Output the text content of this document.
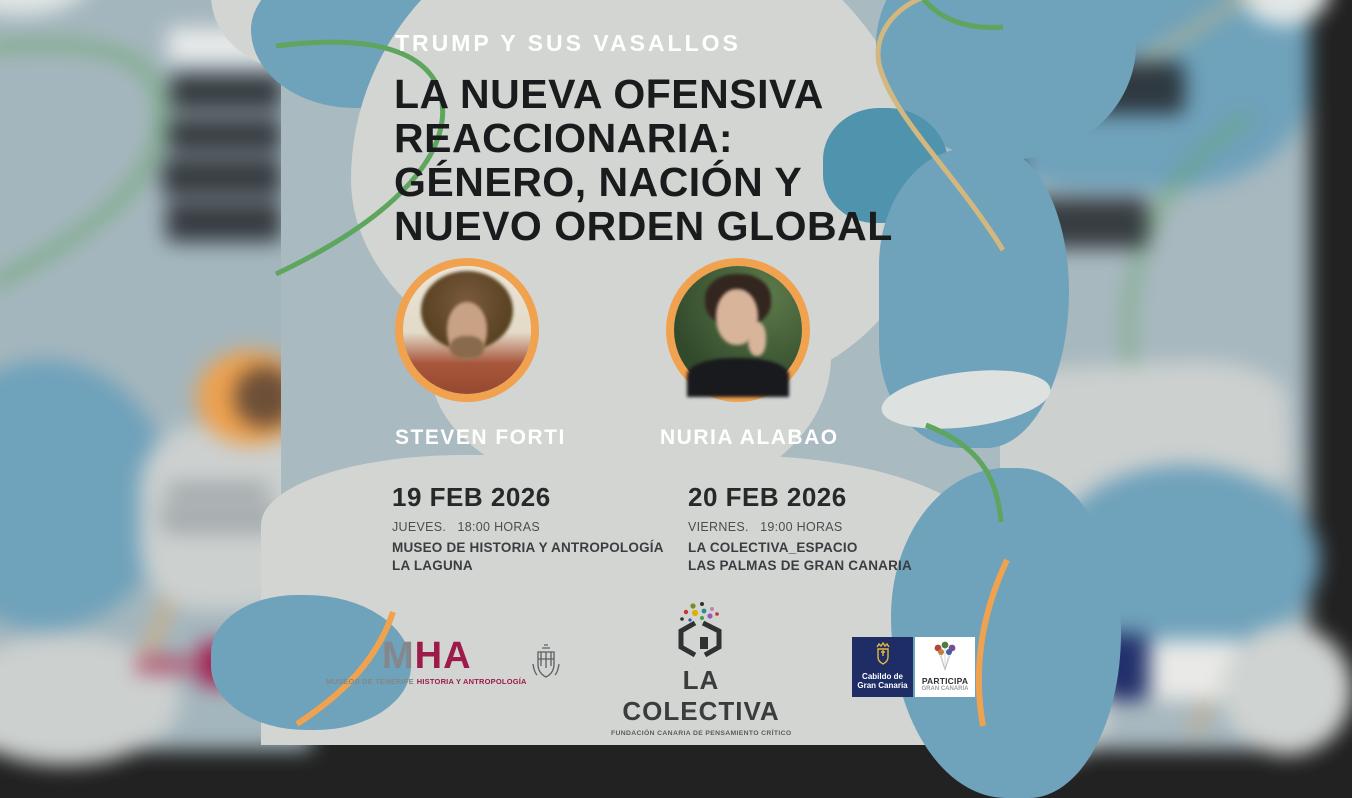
TRUMP Y SUS VASALLOS
LA NUEVA OFENSIVA
REACCIONARIA:
GÉNERO, NACIÓN Y
NUEVO ORDEN GLOBAL
STEVEN FORTI	NURIA ALABAO
19 FEB 2026
JUEVES.   18:00 HORAS
MUSEO DE HISTORIA Y ANTROPOLOGÍA
LA LAGUNA
20 FEB 2026
VIERNES.   19:00 HORAS
LA COLECTIVA_ESPACIO
LAS PALMAS DE GRAN CANARIA
MHA
MUSEOS DE TENERIFE HISTORIA Y ANTROPOLOGÍA	LA COLECTIVA
FUNDACIÓN CANARIA DE PENSAMIENTO CRÍTICO
Cabildo de
Gran Canaria	PARTICIPA
GRAN CANARIA
